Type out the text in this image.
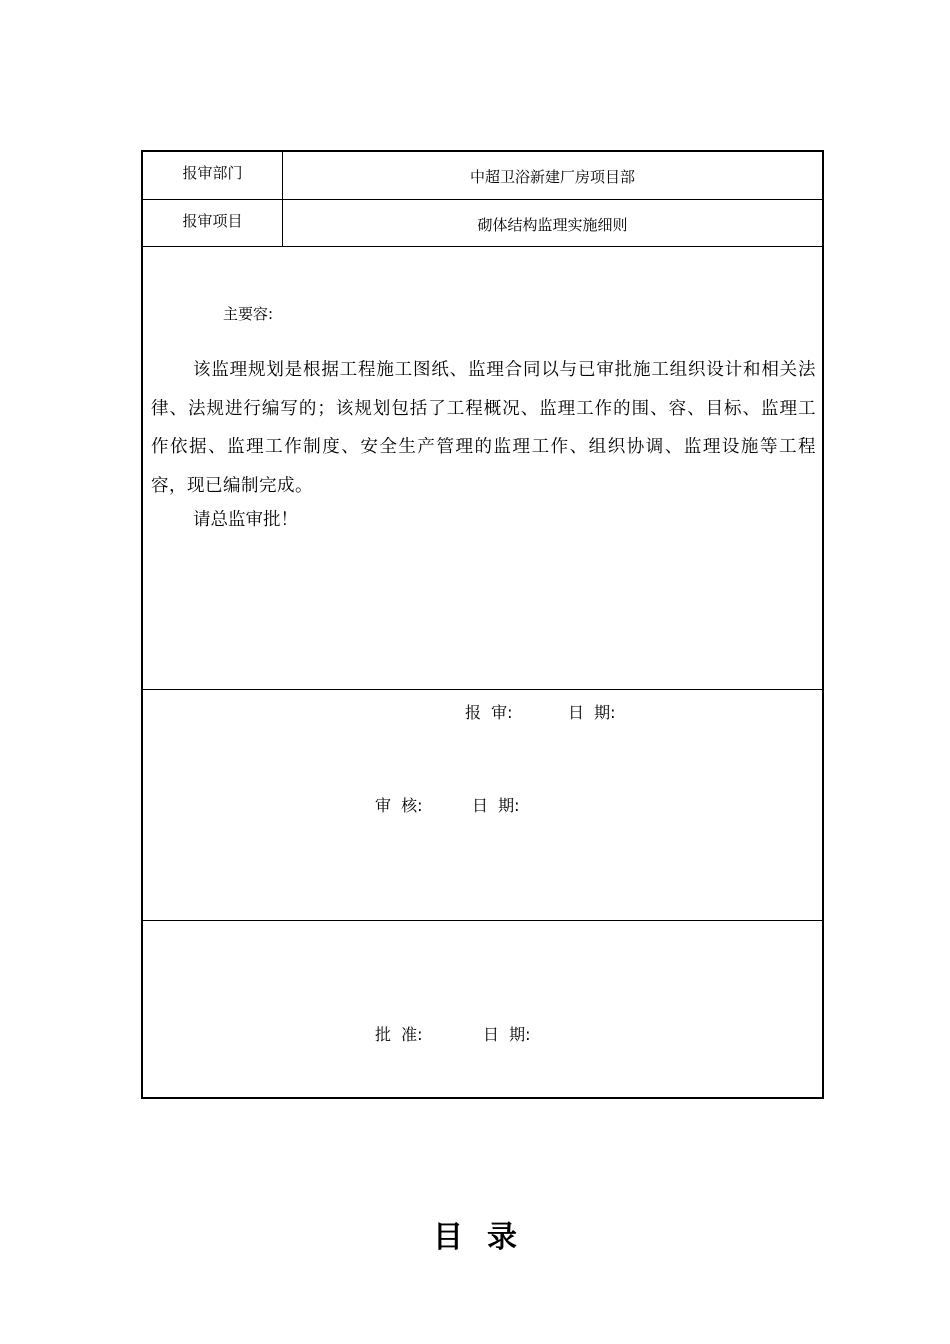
报审部门	中超卫浴新建厂房项目部
报审项目	砌体结构监理实施细则
主要容:
该监理规划是根据工程施工图纸、监理合同以与已审批施工组织设计和相关法律、法规进行编写的；该规划包括了工程概况、监理工作的围、容、目标、监理工作依据、监理工作制度、安全生产管理的监理工作、组织协调、监理设施等工程容，现已编制完成。
请总监审批！
报  审:	日  期:
审  核:	日  期:
批  准:	日  期:
目录
